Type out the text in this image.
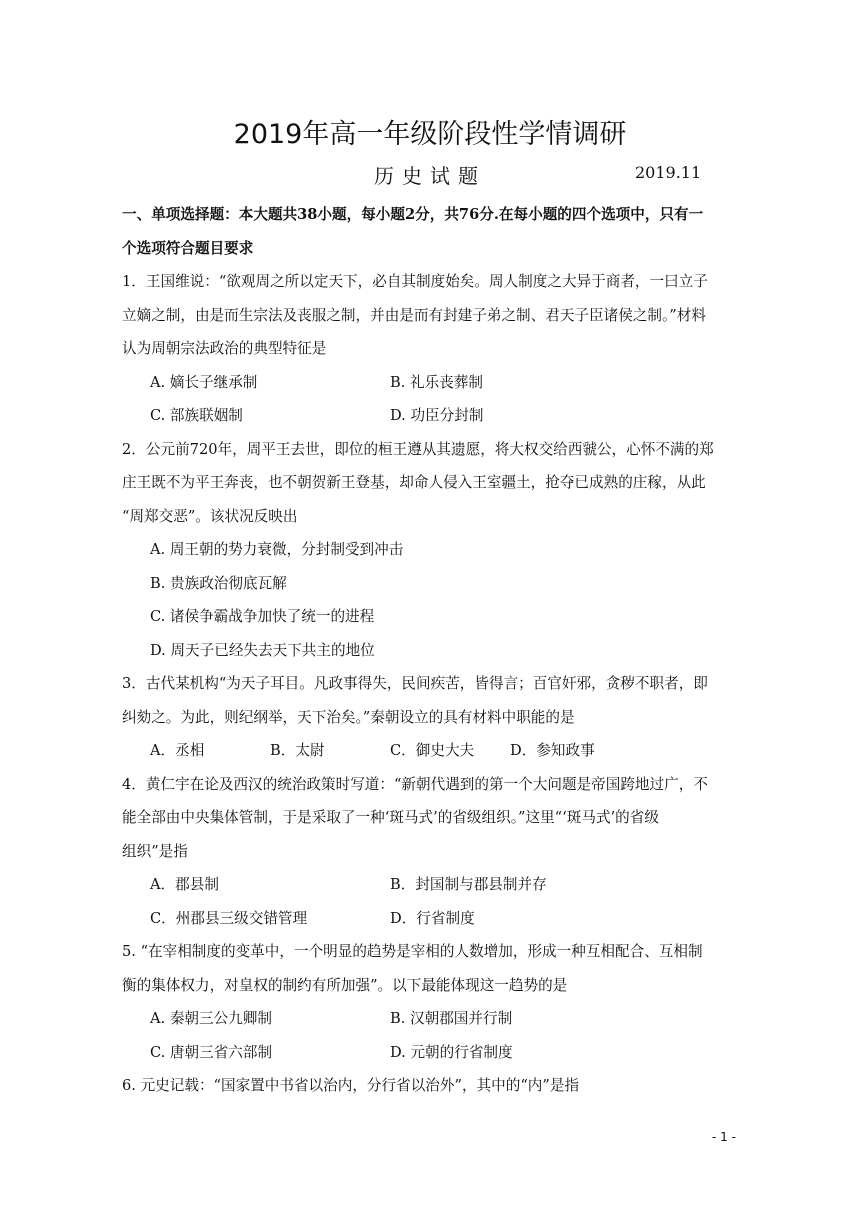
2019年高一年级阶段性学情调研
历史试题	2019.11
一、单项选择题：本大题共38小题，每小题2分，共76分.在每小题的四个选项中，只有一
个选项符合题目要求
1．王国维说：“欲观周之所以定天下，必自其制度始矣。周人制度之大异于商者，一曰立子
立嫡之制，由是而生宗法及丧服之制，并由是而有封建子弟之制、君天子臣诸侯之制。”材料
认为周朝宗法政治的典型特征是
A. 嫡长子继承制	B. 礼乐丧葬制
C. 部族联姻制	D. 功臣分封制
2．公元前720年，周平王去世，即位的桓王遵从其遗愿，将大权交给西虢公，心怀不满的郑
庄王既不为平王奔丧，也不朝贺新王登基，却命人侵入王室疆土，抢夺已成熟的庄稼，从此
“周郑交恶”。该状况反映出
A. 周王朝的势力衰微，分封制受到冲击
B. 贵族政治彻底瓦解
C. 诸侯争霸战争加快了统一的进程
D. 周天子已经失去天下共主的地位
3．古代某机构“为天子耳目。凡政事得失，民间疾苦，皆得言；百官奸邪，贪秽不职者，即
纠劾之。为此，则纪纲举，天下治矣。”秦朝设立的具有材料中职能的是
A．丞相	B．太尉	C．御史大夫	D．参知政事
4．黄仁宇在论及西汉的统治政策时写道：“新朝代遇到的第一个大问题是帝国跨地过广，不
能全部由中央集体管制，于是采取了一种‘斑马式’的省级组织。”这里“‘斑马式’的省级
组织”是指
A．郡县制	B．封国制与郡县制并存
C．州郡县三级交错管理	D．行省制度
5. “在宰相制度的变革中，一个明显的趋势是宰相的人数增加，形成一种互相配合、互相制
衡的集体权力，对皇权的制约有所加强”。以下最能体现这一趋势的是
A. 秦朝三公九卿制	B. 汉朝郡国并行制
C. 唐朝三省六部制	D. 元朝的行省制度
6. 元史记载：“国家置中书省以治内，分行省以治外”，其中的“内”是指
- 1 -
